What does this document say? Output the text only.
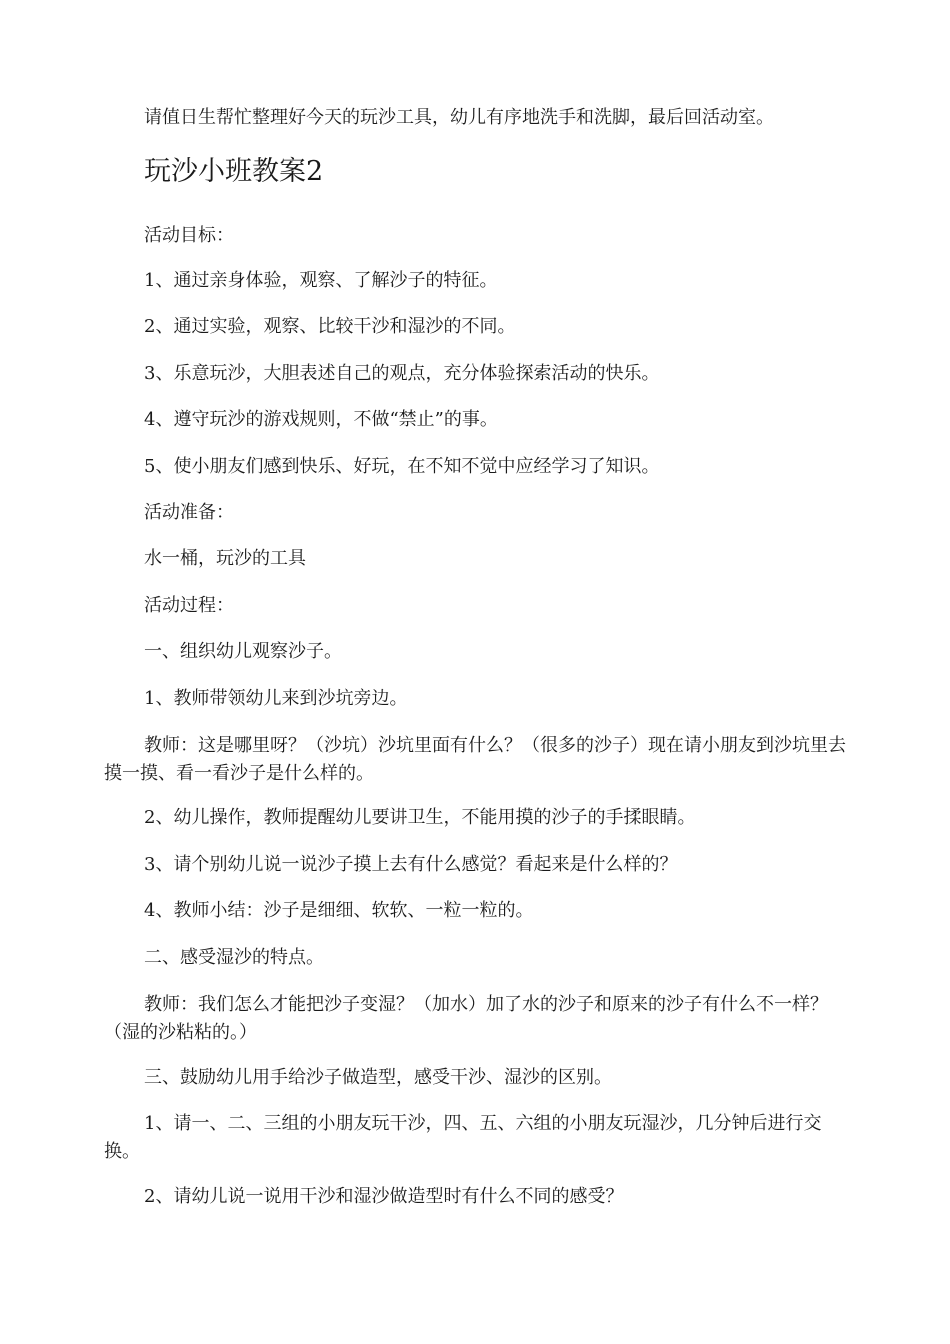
请值日生帮忙整理好今天的玩沙工具，幼儿有序地洗手和洗脚，最后回活动室。
玩沙小班教案2
活动目标：
1、通过亲身体验，观察、了解沙子的特征。
2、通过实验，观察、比较干沙和湿沙的不同。
3、乐意玩沙，大胆表述自己的观点，充分体验探索活动的快乐。
4、遵守玩沙的游戏规则，不做“禁止”的事。
5、使小朋友们感到快乐、好玩，在不知不觉中应经学习了知识。
活动准备：
水一桶，玩沙的工具
活动过程：
一、组织幼儿观察沙子。
1、教师带领幼儿来到沙坑旁边。
教师：这是哪里呀？（沙坑）沙坑里面有什么？（很多的沙子）现在请小朋友到沙坑里去摸一摸、看一看沙子是什么样的。
2、幼儿操作，教师提醒幼儿要讲卫生，不能用摸的沙子的手揉眼睛。
3、请个别幼儿说一说沙子摸上去有什么感觉？看起来是什么样的？
4、教师小结：沙子是细细、软软、一粒一粒的。
二、感受湿沙的特点。
教师：我们怎么才能把沙子变湿？（加水）加了水的沙子和原来的沙子有什么不一样？（湿的沙粘粘的。）
三、鼓励幼儿用手给沙子做造型，感受干沙、湿沙的区别。
1、请一、二、三组的小朋友玩干沙，四、五、六组的小朋友玩湿沙，几分钟后进行交换。
2、请幼儿说一说用干沙和湿沙做造型时有什么不同的感受？
